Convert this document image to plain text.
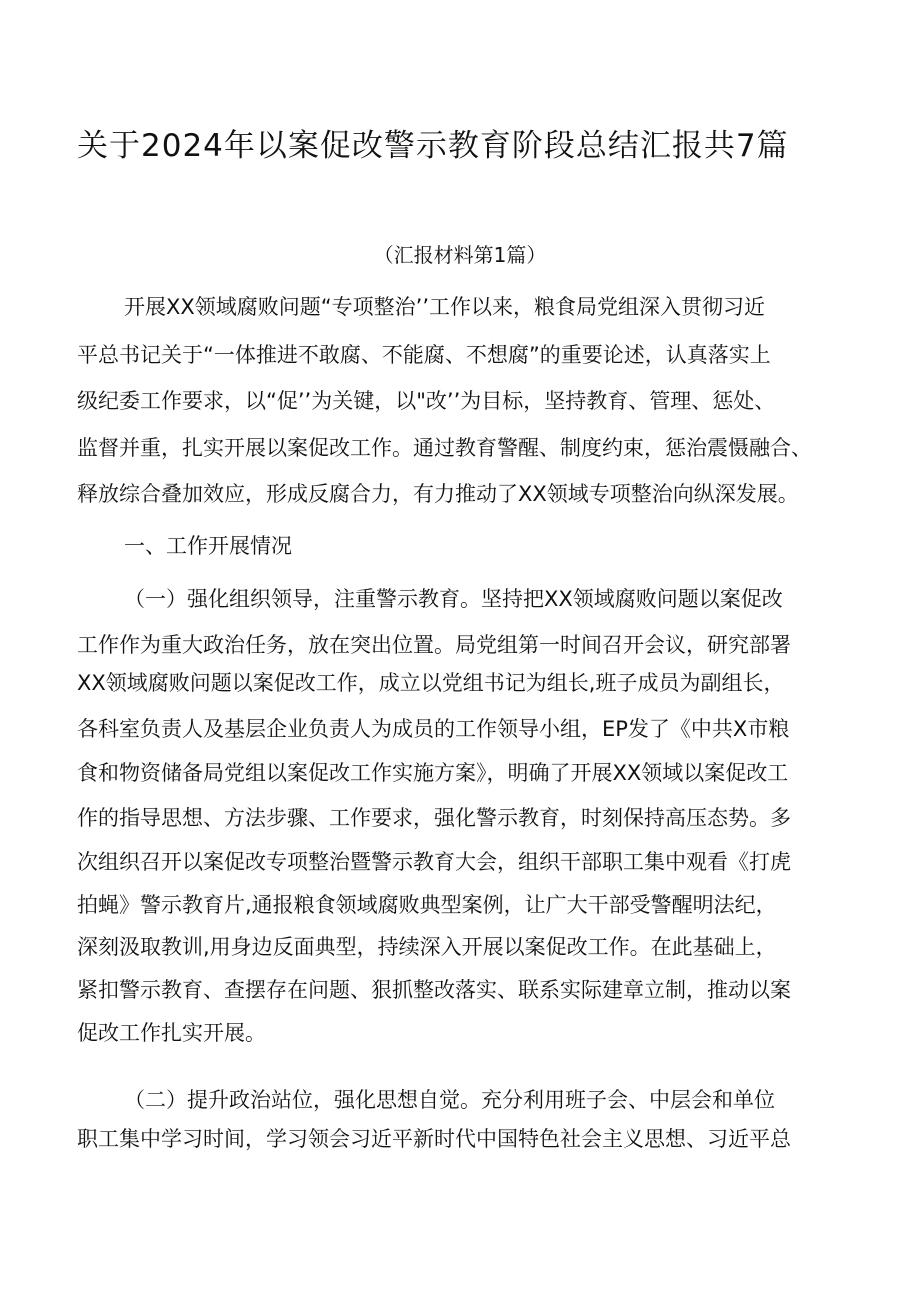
关于2024年以案促改警示教育阶段总结汇报共7篇
（汇报材料第1篇）
开展XX领域腐败问题“专项整治’’工作以来，粮食局党组深入贯彻习近
平总书记关于“一体推进不敢腐、不能腐、不想腐”的重要论述，认真落实上
级纪委工作要求，以“促’’为关键，以"改’’为目标，坚持教育、管理、惩处、
监督并重，扎实开展以案促改工作。通过教育警醒、制度约束，惩治震慑融合、
释放综合叠加效应，形成反腐合力，有力推动了XX领域专项整治向纵深发展。
一、工作开展情况
（一）强化组织领导，注重警示教育。坚持把XX领域腐败问题以案促改
工作作为重大政治任务，放在突出位置。局党组第一时间召开会议，研究部署
XX领域腐败问题以案促改工作，成立以党组书记为组长,班子成员为副组长，
各科室负责人及基层企业负责人为成员的工作领导小组，EP发了《中共X市粮
食和物资储备局党组以案促改工作实施方案》，明确了开展XX领域以案促改工
作的指导思想、方法步骤、工作要求，强化警示教育，时刻保持高压态势。多
次组织召开以案促改专项整治暨警示教育大会，组织干部职工集中观看《打虎
拍蝇》警示教育片,通报粮食领域腐败典型案例，让广大干部受警醒明法纪，
深刻汲取教训,用身边反面典型，持续深入开展以案促改工作。在此基础上，
紧扣警示教育、查摆存在问题、狠抓整改落实、联系实际建章立制，推动以案
促改工作扎实开展。
（二）提升政治站位，强化思想自觉。充分利用班子会、中层会和单位
职工集中学习时间，学习领会习近平新时代中国特色社会主义思想、习近平总
